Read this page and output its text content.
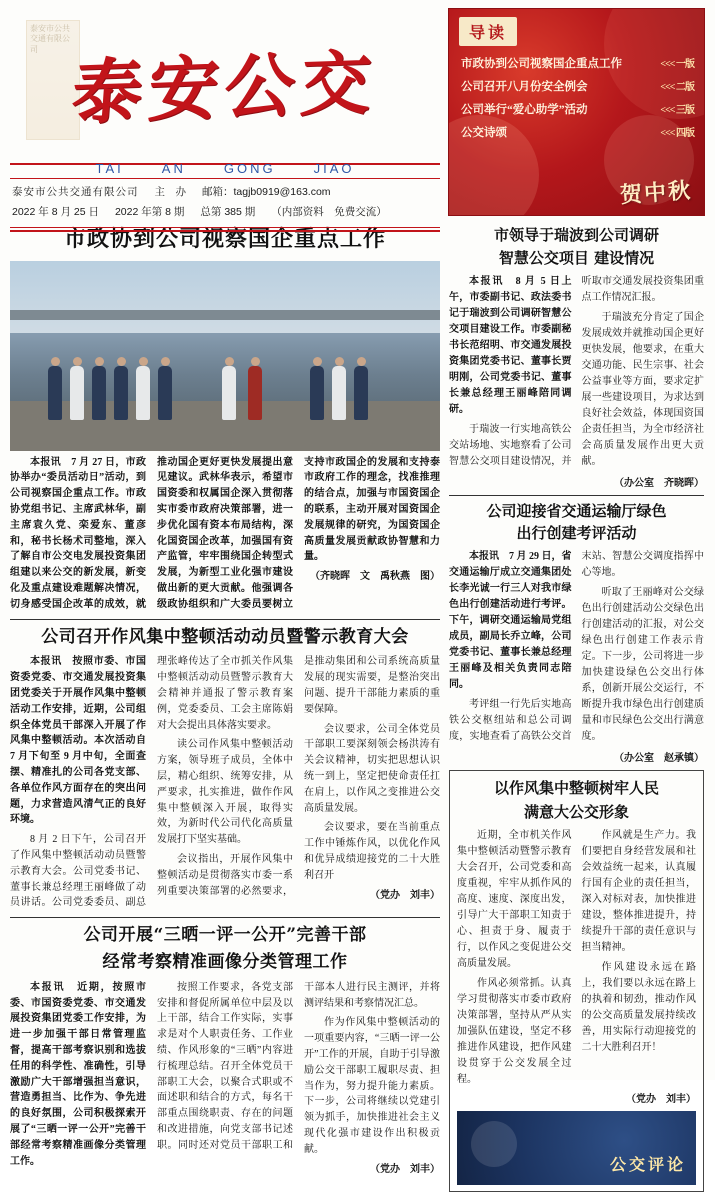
泰安市公共交通有限公司 泰安公交
TAI	AN	GONG	JIAO
泰安市公共交通有限公司 主　办 邮箱：tagjb0919@163.com
2022 年 8 月 25 日 2022 年第 8 期 总第 385 期 （内部资料　免费交流）
导读
市政协到公司视察国企重点工作	<<< 一版
公司召开八月份安全例会	<<< 二版
公司举行“爱心助学”活动	<<< 三版
公交诗颂	<<< 四版
贺中秋
市政协到公司视察国企重点工作

本报讯　7 月 27 日，市政协举办“委员活动日”活动，到公司视察国企重点工作。市政协党组书记、主席武林华，副主席袁久党、栾爱东、董彦和，秘书长杨术司整地，深入了解自市公交电发展投资集团组建以来公交的新发展，新变化及重点建设难题解决情况，切身感受国企改革的成效，就推动国企更好更快发展提出意见建议。武林华表示，希望市国资委和权属国企深入贯彻落实市委市政府决策部署，进一步优化国有资本布局结构，深化国资国企改革，加强国有资产监管，牢牢围绕国企转型式发展，为新型工业化强市建设做出新的更大贡献。他强调各级政协组织和广大委员要树立支持市政国企的发展和支持泰市政府工作的理念，找准推理的结合点，加强与市国资国企的联系，主动开展对国资国企发展规律的研究，为国资国企高质量发展贡献政协智慧和力量。

（齐晓晖　文　禹秋燕　图）
公司召开作风集中整顿活动动员暨警示教育大会

本报讯　按照市委、市国资委党委、市交通发展投资集团党委关于开展作风集中整顿活动工作安排，近期，公司组织全体党员干部深入开展了作风集中整顿活动。本次活动自 7 月下旬至 9 月中旬，全面查摆、精准扎的公司各党支部、各单位作风方面存在的突出问题，力求营造风清气正的良好环境。

8 月 2 日下午，公司召开了作风集中整顿活动动员暨警示教育大会。公司党委书记、董事长兼总经理王丽峰做了动员讲话。公司党委委员、副总理张峰传达了全市抓关作风集中整顿活动动员暨警示教育大会精神并通报了警示教育案例，党委委员、工会主席陈娟对大会提出具体落实要求。

读公司作风集中整顿活动方案，领导班子成员，全体中层，精心组织、统筹安排，从严要求，扎实推进，做作作风集中整顿深入开展，取得实效，为新时代公司代化高质量发展打下坚实基础。

会议指出，开展作风集中整顿活动是贯彻落实市委一系列重要决策部署的必然要求，是推动集团和公司系统高质量发展的现实需要，是整治突出问题、提升干部能力素质的重要保障。

会议要求，公司全体党员干部职工要深刻领会杨洪涛有关会议精神，切实把思想认识统一到上，坚定把使命责任扛在肩上，以作风之变推进公交高质量发展。

会议要求，要在当前重点工作中锤炼作风，以优化作风和优异成绩迎接党的二十大胜利召开

（党办　刘丰）
公司开展“三晒一评一公开”完善干部
经常考察精准画像分类管理工作

本报讯　近期，按照市委、市国资委党委、市交通发展投资集团党委工作安排，为进一步加强干部日常管理监督，提高干部考察识别和选拔任用的科学性、准确性，引导激励广大干部增强担当意识，营造勇担当、比作为、争先进的良好氛围，公司积极探索开展了“三晒一评一公开”完善干部经常考察精准画像分类管理工作。

按照工作要求，各党支部安排和督促所属单位中层及以上干部，结合工作实际，实事求是对个人职责任务、工作业绩、作风形象的“三晒”内容进行梳理总结。召开全体党员干部职工大会，以聚合式职或不面述职和结合的方式，每名干部重点围绕职责、存在的问题和改进措施，向党支部书记述职。同时还对党员干部职工和干部本人进行民主测评，并将测评结果和考察情况汇总。

作为作风集中整顿活动的一项重要内容，“三晒一评一公开”工作的开展，自助于引导激励公交干部职工履职尽责、担当作为，努力提升能力素质。下一步，公司将继续以党建引领为抓手，加快推进社会主义现代化强市建设作出积极贡献。

（党办　刘丰）
市领导于瑞波到公司调研
智慧公交项目 建设情况

本报讯　8 月 5 日上午，市委副书记、政法委书记于瑞波到公司调研智慧公交项目建设工作。市委副秘书长范绍明、市交通发展投资集团党委书记、董事长贾明刚，公司党委书记、董事长兼总经理王丽峰陪同调研。

于瑞波一行实地高铁公交站场地、实地察看了公司智慧公交项目建设情况，并听取市交通发展投资集团重点工作情况汇报。

于瑞波充分肯定了国企发展成效并就推动国企更好更快发展，他要求，在重大交通功能、民生宗事、社会公益事业等方面，要求定扩展一些建设项目，为求达到良好社会效益，体现国资国企责任担当，为全市经济社会高质量发展作出更大贡献。

（办公室　齐晓晖）
公司迎接省交通运输厅绿色
出行创建考评活动

本报讯　7 月 29 日，省交通运输厅成立交通集团处长李光诚一行三人对我市绿色出行创建活动进行考评。下午，调研交通运输局党组成员，副局长乔立峰，公司党委书记、董事长兼总经理王丽峰及相关负责同志陪同。

考评组一行先后实地高铁公交枢纽站和总公司调度，实地查看了高铁公交首末站、智慧公交调度指挥中心等地。

听取了王丽峰对公交绿色出行创建活动公交绿色出行创建活动的汇报，对公交绿色出行创建工作表示肯定。下一步，公司将进一步加快建设绿色公交出行体系，创新开展公交运行，不断提升我市绿色出行创建质量和市民绿色公交出行满意度。

（办公室　赵承镇）
以作风集中整顿树牢人民
满意大公交形象

近期，全市机关作风集中整顿活动暨警示教育大会召开，公司党委和高度重视，牢牢从抓作风的高度、速度、深度出发，引导广大干部职工知责于心、担责于身、履责于行，以作风之变促进公交高质量发展。

作风必须常抓。认真学习贯彻落实市委市政府决策部署，坚持从严从实加强队伍建设，坚定不移推进作风建设，把作风建设贯穿于公交发展全过程。

作风就是生产力。我们要把自身经营发展和社会效益统一起来，认真履行国有企业的责任担当，深入对标对表，加快推进建设，整体推进提升，持续提升干部的责任意识与担当精神。

作风建设永远在路上，我们要以永远在路上的执着和韧劲，推动作风的公交高质量发展持续改善，用实际行动迎接党的二十大胜利召开！

（党办　刘丰）
公交评论
